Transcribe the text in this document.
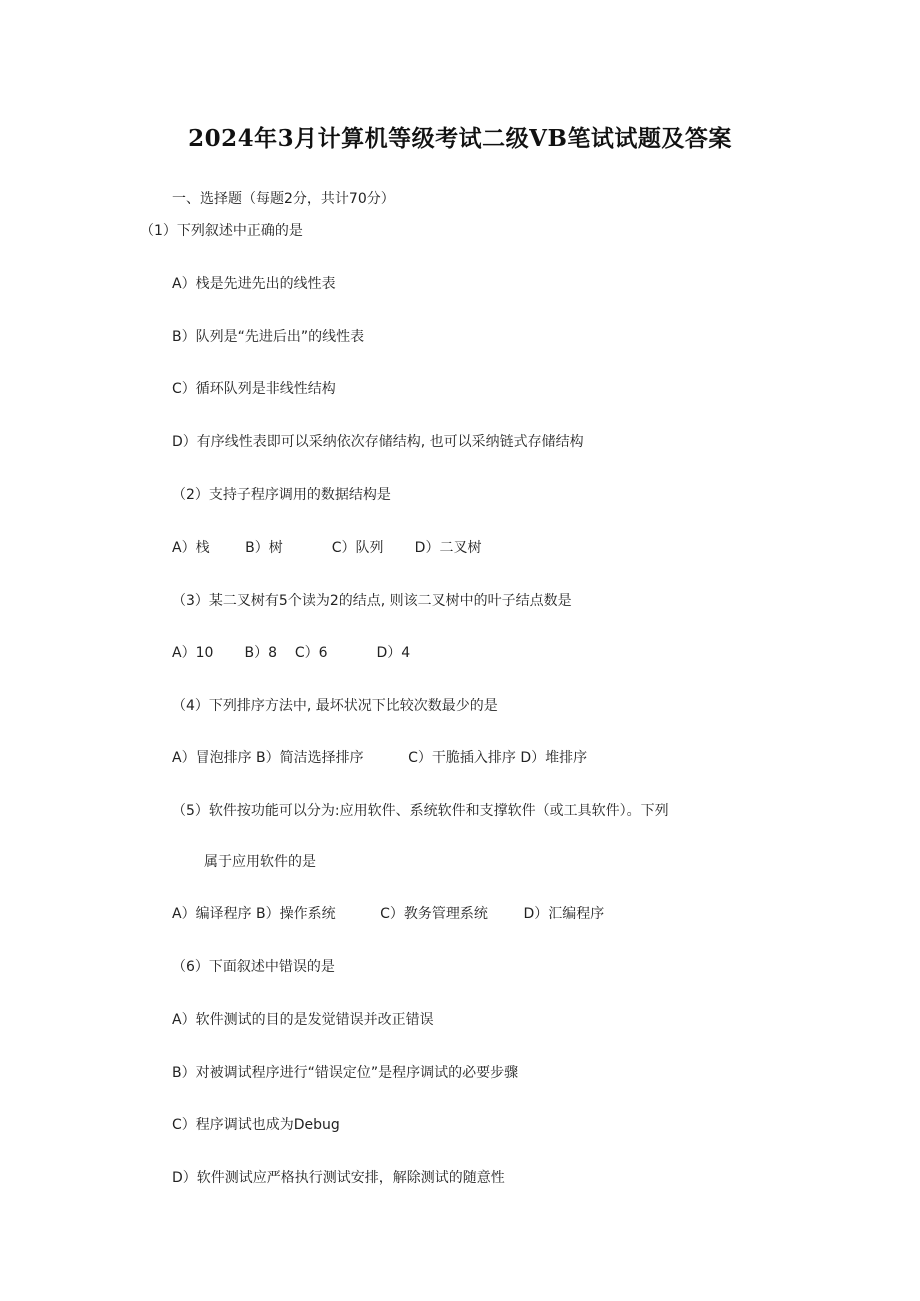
2024年3月计算机等级考试二级VB笔试试题及答案
一、选择题（每题2分，共计70分）
（1）下列叙述中正确的是
A）栈是先进先出的线性表
B）队列是“先进后出”的线性表
C）循环队列是非线性结构
D）有序线性表即可以采纳依次存储结构, 也可以采纳链式存储结构
（2）支持子程序调用的数据结构是
A）栈        B）树           C）队列       D）二叉树
（3）某二叉树有5个读为2的结点, 则该二叉树中的叶子结点数是
A）10       B）8    C）6           D）4
（4）下列排序方法中, 最坏状况下比较次数最少的是
A）冒泡排序 B）简洁选择排序          C）干脆插入排序 D）堆排序
（5）软件按功能可以分为:应用软件、系统软件和支撑软件（或工具软件）。下列
属于应用软件的是
A）编译程序 B）操作系统          C）教务管理系统        D）汇编程序
（6）下面叙述中错误的是
A）软件测试的目的是发觉错误并改正错误
B）对被调试程序进行“错误定位”是程序调试的必要步骤
C）程序调试也成为Debug
D）软件测试应严格执行测试安排，解除测试的随意性
